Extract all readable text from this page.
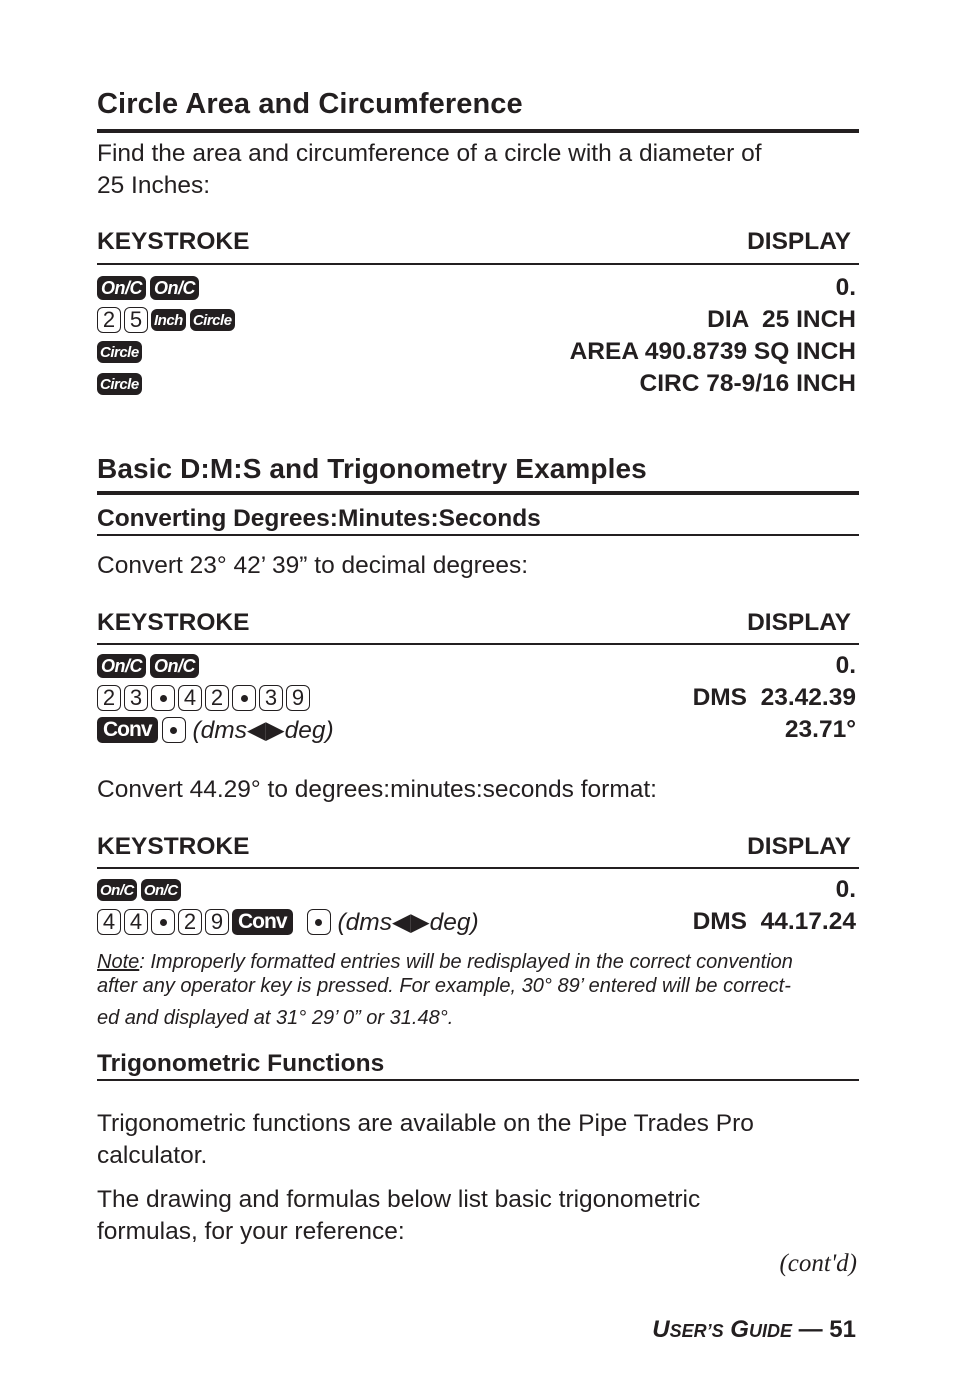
Circle Area and Circumference
Find the area and circumference of a circle with a diameter of
25 Inches:
KEYSTROKE	DISPLAY
On/C On/C	0.
2 5 Inch Circle	DIA  25 INCH
Circle	AREA 490.8739 SQ INCH
Circle	CIRC 78-9/16 INCH
Basic D:M:S and Trigonometry Examples
Converting Degrees:Minutes:Seconds
Convert 23° 42’ 39” to decimal degrees:
KEYSTROKE	DISPLAY
On/C On/C	0.
2 3 4 2 3 9	DMS  23.42.39
Conv (dms◀▶deg)	23.71°
Convert 44.29° to degrees:minutes:seconds format:
KEYSTROKE	DISPLAY
On/C On/C	0.
4 4 2 9 Conv (dms◀▶deg)	DMS  44.17.24
Note: Improperly formatted entries will be redisplayed in the correct convention
after any operator key is pressed. For example, 30° 89’ entered will be correct-
ed and displayed at 31° 29’ 0” or 31.48°.
Trigonometric Functions
Trigonometric functions are available on the Pipe Trades Pro
calculator.
The drawing and formulas below list basic trigonometric
formulas, for your reference:
(cont'd)
USER’S GUIDE — 51
